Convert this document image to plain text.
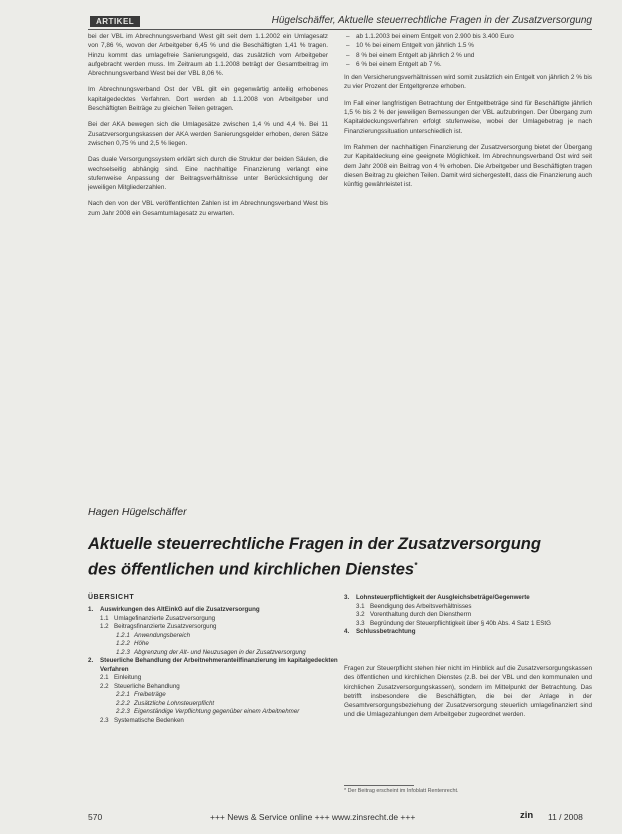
ARTIKEL	Hügelschäffer, Aktuelle steuerrechtliche Fragen in der Zusatzversorgung

bei der VBL im Abrechnungsverband West gilt seit dem 1.1.2002 ein Umlagesatz von 7,86 %, wovon der Arbeitgeber 6,45 % und die Beschäftigten 1,41 % tragen. Hinzu kommt das umlagefreie Sanierungsgeld, das zusätzlich vom Arbeitgeber aufgebracht werden muss. Im Zeitraum ab 1.1.2008 beträgt der Gesamtbeitrag im Abrechnungsverband West bei der VBL 8,06 %.

Im Abrechnungsverband Ost der VBL gilt ein gegenwärtig anteilig erhobenes kapitalgedecktes Verfahren. Dort werden ab 1.1.2008 von Arbeitgeber und Beschäftigten Beiträge zu gleichen Teilen getragen.

Bei der AKA bewegen sich die Umlagesätze zwischen 1,4 % und 4,4 %. Bei 11 Zusatzversorgungskassen der AKA werden Sanierungsgelder erhoben, deren Sätze zwischen 0,75 % und 2,5 % liegen.

Das duale Versorgungssystem erklärt sich durch die Struktur der beiden Säulen, die wechselseitig abhängig sind. Eine nachhaltige Finanzierung verlangt eine stufenweise Anpassung der Beitragsverhältnisse unter Berücksichtigung der jeweiligen Mitgliederzahlen.

Nach den von der VBL veröffentlichten Zahlen ist im Abrechnungsverband West bis zum Jahr 2008 ein Gesamtumlagesatz zu erwarten.

– ab 1.1.2003 bei einem Entgelt von 2.900 bis 3.400 Euro
– 10 % bei einem Entgelt von jährlich 1.5 %
– 8 % bei einem Entgelt ab jährlich 2 % und
– 6 % bei einem Entgelt ab 7 %.

In den Versicherungsverhältnissen wird somit zusätzlich ein Entgelt von jährlich 2 % bis zu vier Prozent der Entgeltgrenze erhoben.

Im Fall einer langfristigen Betrachtung der Entgeltbeträge sind für Beschäftigte jährlich 1,5 % bis 2 % der jeweiligen Bemessungen der VBL aufzubringen. Der Übergang zum Kapitaldeckungsverfahren erfolgt stufenweise, wobei der Umlagebetrag je nach Finanzierungssituation unterschiedlich ist.

Im Rahmen der nachhaltigen Finanzierung der Zusatzversorgung bietet der Übergang zur Kapitaldeckung eine geeignete Möglichkeit. Im Abrechnungsverband Ost wird seit dem Jahr 2008 ein Beitrag von 4 % erhoben. Die Arbeitgeber und Beschäftigten tragen diesen Beitrag zu gleichen Teilen. Damit wird sichergestellt, dass die Finanzierung auch künftig gewährleistet ist.

Hagen Hügelschäffer
Aktuelle steuerrechtliche Fragen in der Zusatzversorgung
des öffentlichen und kirchlichen Dienstes*
ÜBERSICHT
1.	Auswirkungen des AltEinkG auf die Zusatzversorgung
1.1 Umlagefinanzierte Zusatzversorgung
1.2 Beitragsfinanzierte Zusatzversorgung
1.2.1 Anwendungsbereich
1.2.2 Höhe
1.2.3 Abgrenzung der Alt- und Neuzusagen in der Zusatzversorgung
2.	Steuerliche Behandlung der Arbeitnehmeranteilfinanzierung im kapitalgedeckten Verfahren
2.1 Einleitung
2.2 Steuerliche Behandlung
2.2.1 Freibeträge
2.2.2 Zusätzliche Lohnsteuerpflicht
2.2.3 Eigenständige Verpflichtung gegenüber einem Arbeitnehmer
2.3 Systematische Bedenken
3.	Lohnsteuerpflichtigkeit der Ausgleichsbeträge/Gegenwerte
3.1 Beendigung des Arbeitsverhältnisses
3.2 Vorenthaltung durch den Dienstherrn
3.3 Begründung der Steuerpflichtigkeit über § 40b Abs. 4 Satz 1 EStG
4.	Schlussbetrachtung
Fragen zur Steuerpflicht stehen hier nicht im Hinblick auf die Zusatzversorgungskassen des öffentlichen und kirchlichen Dienstes (z.B. bei der VBL und den kommunalen und kirchlichen Zusatzversorgungskassen), sondern im Mittelpunkt der Betrachtung. Das betrifft insbesondere die Beschäftigten, die bei der Anlage in der Gesamtversorgungsbeziehung der Zusatzversorgung steuerlich umlagefinanziert sind und die Umlagezahlungen dem Arbeitgeber zugeordnet werden.
* Der Beitrag erscheint im Infoblatt Rentenrecht.
570	+++ News & Service online +++ www.zinsrecht.de +++	zin 11 / 2008
